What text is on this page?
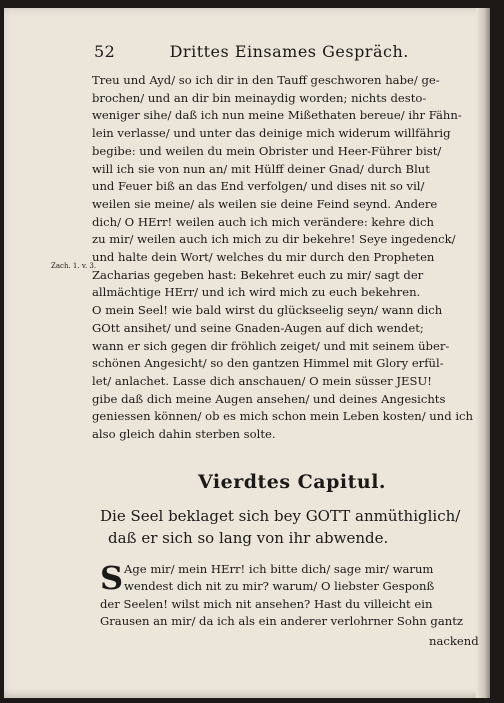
52	Drittes Einsames Gespräch.
Treu und Ayd/ so ich dir in den Tauff geschworen habe/ ge-
brochen/ und an dir bin meinaydig worden; nichts desto-
weniger sihe/ daß ich nun meine Mißethaten bereue/ ihr Fähn-
lein verlasse/ und unter das deinige mich widerum willfährig
begibe: und weilen du mein Obrister und Heer-Führer bist/
will ich sie von nun an/ mit Hülff deiner Gnad/ durch Blut
und Feuer biß an das End verfolgen/ und dises nit so vil/
weilen sie meine/ als weilen sie deine Feind seynd. Andere
dich/ O HErr! weilen auch ich mich verändere: kehre dich
zu mir/ weilen auch ich mich zu dir bekehre! Seye ingedenck/
und halte dein Wort/ welches du mir durch den Propheten
Zacharias gegeben hast: Bekehret euch zu mir/ sagt der
allmächtige HErr/ und ich wird mich zu euch bekehren.
O mein Seel! wie bald wirst du glückseelig seyn/ wann dich
GOtt ansihet/ und seine Gnaden-Augen auf dich wendet;
wann er sich gegen dir fröhlich zeiget/ und mit seinem über-
schönen Angesicht/ so den gantzen Himmel mit Glory erfül-
let/ anlachet. Lasse dich anschauen/ O mein süsser JESU!
gibe daß dich meine Augen ansehen/ und deines Angesichts
geniessen können/ ob es mich schon mein Leben kosten/ und ich
also gleich dahin sterben solte.
Zach. 1. v. 3.
Vierdtes Capitul.
Die Seel beklaget sich bey GOTT anmüthiglich/
daß er sich so lang von ihr abwende.
S Age mir/ mein HErr! ich bitte dich/ sage mir/ warum
wendest dich nit zu mir? warum/ O liebster Gesponß
der Seelen! wilst mich nit ansehen? Hast du villeicht ein
Grausen an mir/ da ich als ein anderer verlohrner Sohn gantz
nackend
